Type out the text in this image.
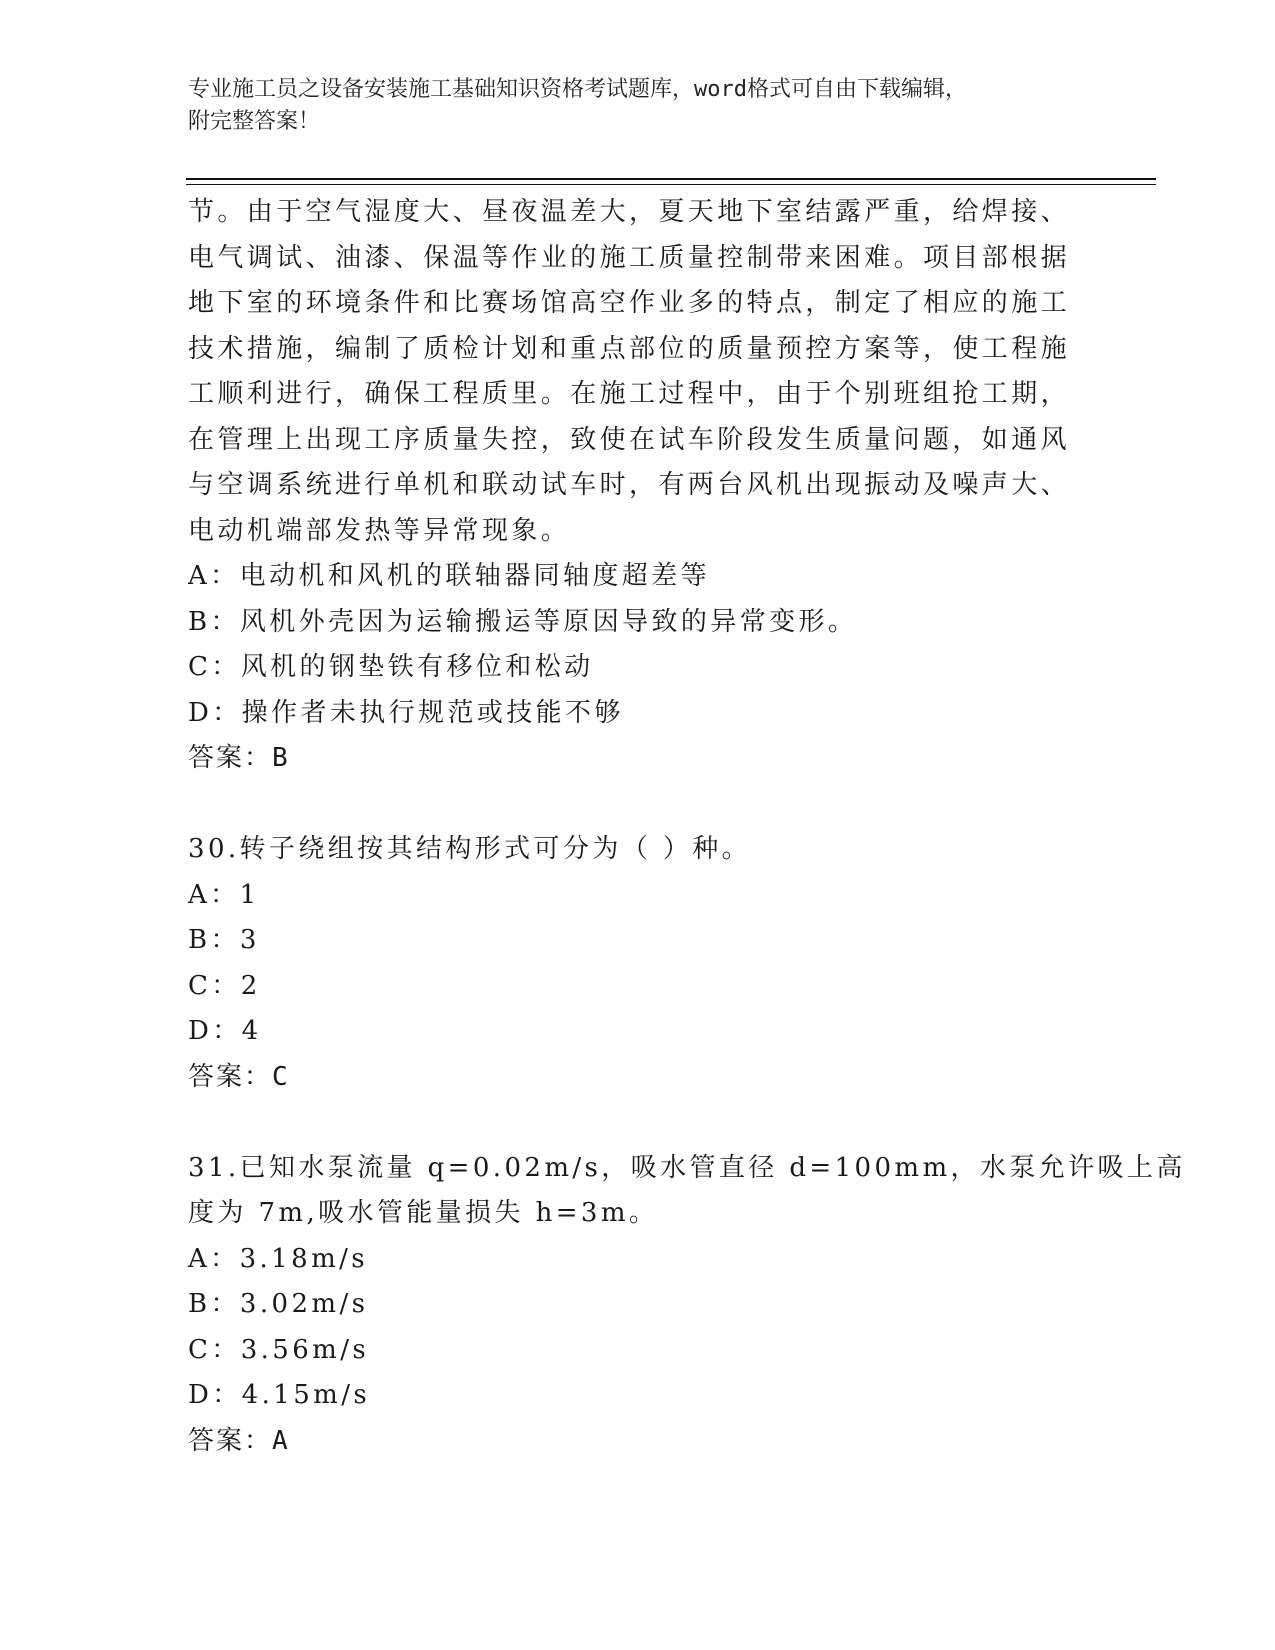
专业施工员之设备安装施工基础知识资格考试题库，word格式可自由下载编辑，
附完整答案！
节。由于空气湿度大、昼夜温差大，夏天地下室结露严重，给焊接、
电气调试、油漆、保温等作业的施工质量控制带来困难。项目部根据
地下室的环境条件和比赛场馆高空作业多的特点，制定了相应的施工
技术措施，编制了质检计划和重点部位的质量预控方案等，使工程施
工顺利进行，确保工程质里。在施工过程中，由于个别班组抢工期，
在管理上出现工序质量失控，致使在试车阶段发生质量问题，如通风
与空调系统进行单机和联动试车时，有两台风机出现振动及噪声大、
电动机端部发热等异常现象。
A：电动机和风机的联轴器同轴度超差等
B：风机外壳因为运输搬运等原因导致的异常变形。
C：风机的钢垫铁有移位和松动
D：操作者未执行规范或技能不够
答案：B
30.转子绕组按其结构形式可分为（ ）种。
A：1
B：3
C：2
D：4
答案：C
31.已知水泵流量 q=0.02m/s，吸水管直径 d=100mm，水泵允许吸上高
度为 7m,吸水管能量损失 h=3m。
A：3.18m/s
B：3.02m/s
C：3.56m/s
D：4.15m/s
答案：A
